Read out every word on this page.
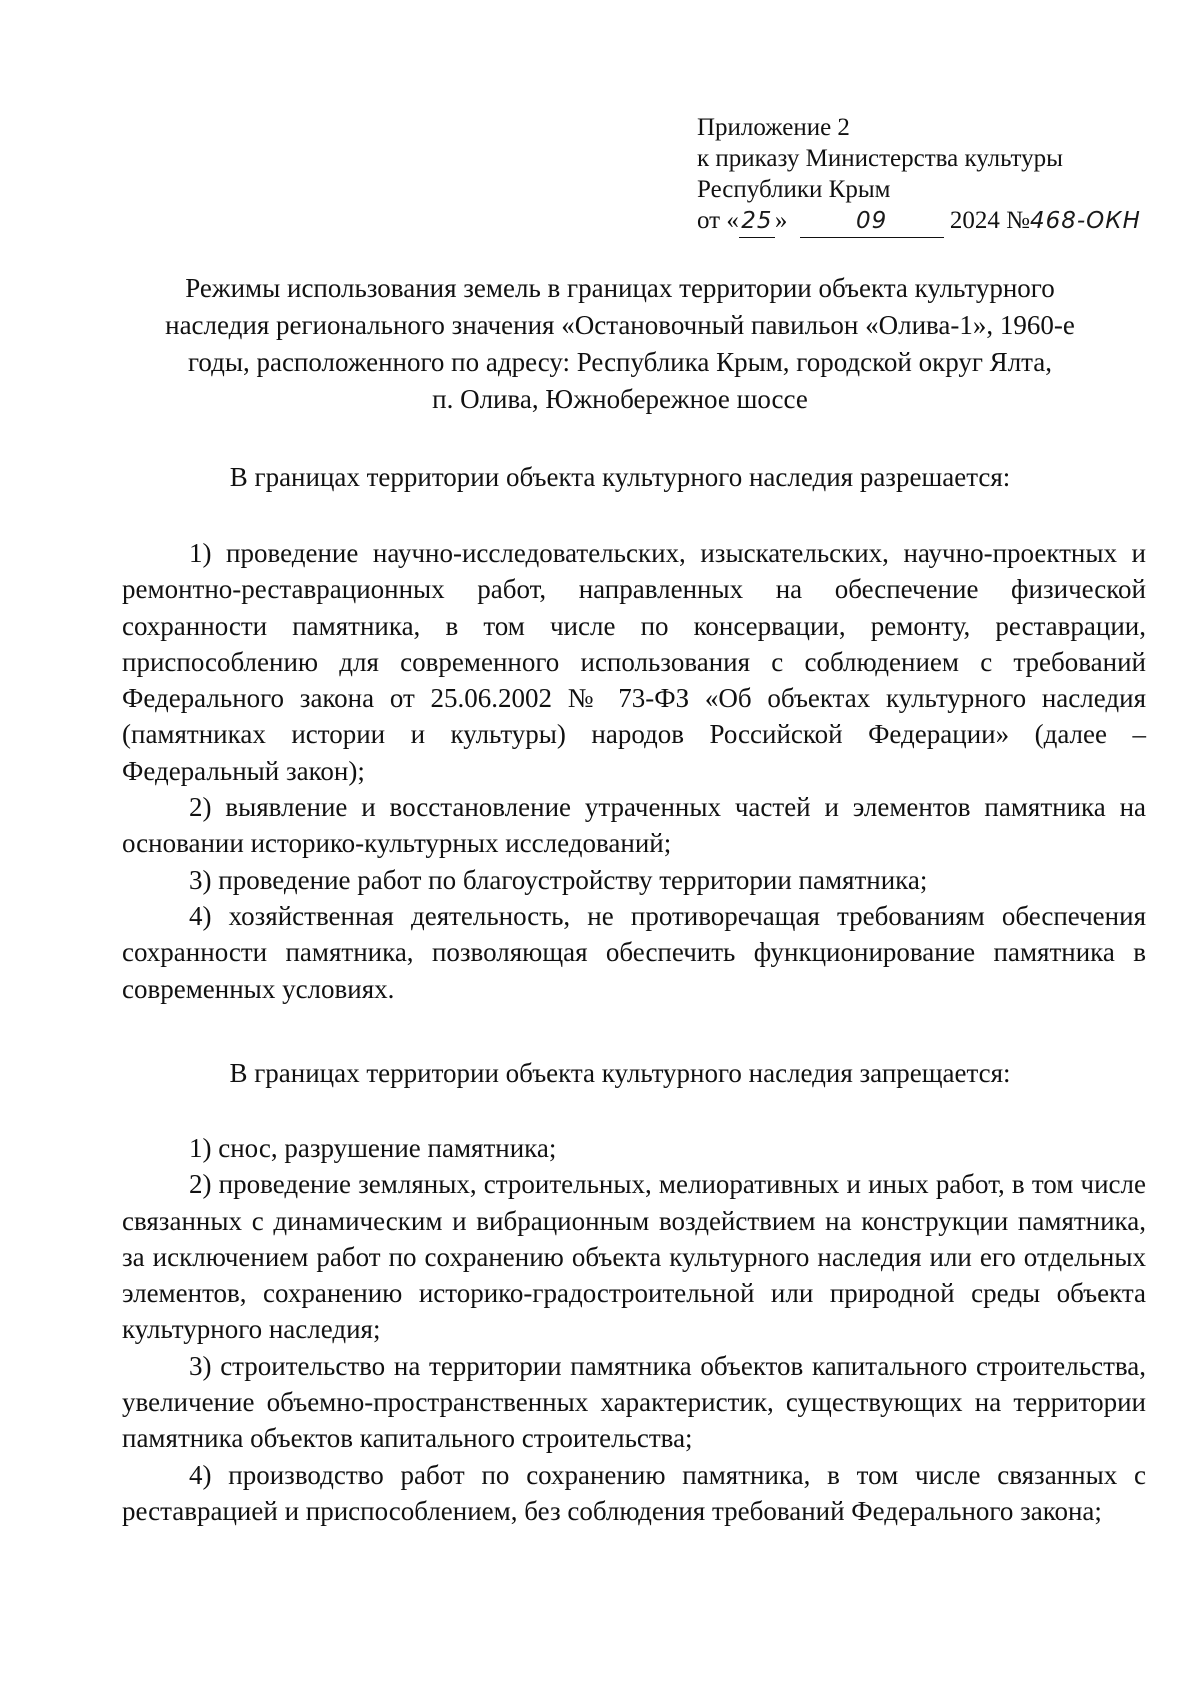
Приложение 2
к приказу Министерства культуры
Республики Крым
от « 25»	09	2024 №468-ОКН
Режимы использования земель в границах территории объекта культурного
наследия регионального значения «Остановочный павильон «Олива-1», 1960-е
годы, расположенного по адресу: Республика Крым, городской округ Ялта,
п. Олива, Южнобережное шоссе
В границах территории объекта культурного наследия разрешается:

1) проведение научно-исследовательских, изыскательских, научно-проектных и ремонтно-реставрационных работ, направленных на обеспечение физической сохранности памятника, в том числе по консервации, ремонту, реставрации, приспособлению для современного использования с соблюдением с требований Федерального закона от 25.06.2002 № 73-ФЗ «Об объектах культурного наследия (памятниках истории и культуры) народов Российской Федерации» (далее – Федеральный закон);

2) выявление и восстановление утраченных частей и элементов памятника на основании историко-культурных исследований;

3) проведение работ по благоустройству территории памятника;

4) хозяйственная деятельность, не противоречащая требованиям обеспечения сохранности памятника, позволяющая обеспечить функционирование памятника в современных условиях.

В границах территории объекта культурного наследия запрещается:

1) снос, разрушение памятника;

2) проведение земляных, строительных, мелиоративных и иных работ, в том числе связанных с динамическим и вибрационным воздействием на конструкции памятника, за исключением работ по сохранению объекта культурного наследия или его отдельных элементов, сохранению историко-градостроительной или природной среды объекта культурного наследия;

3) строительство на территории памятника объектов капитального строительства, увеличение объемно-пространственных характеристик, существующих на территории памятника объектов капитального строительства;

4) производство работ по сохранению памятника, в том числе связанных с реставрацией и приспособлением, без соблюдения требований Федерального закона;
